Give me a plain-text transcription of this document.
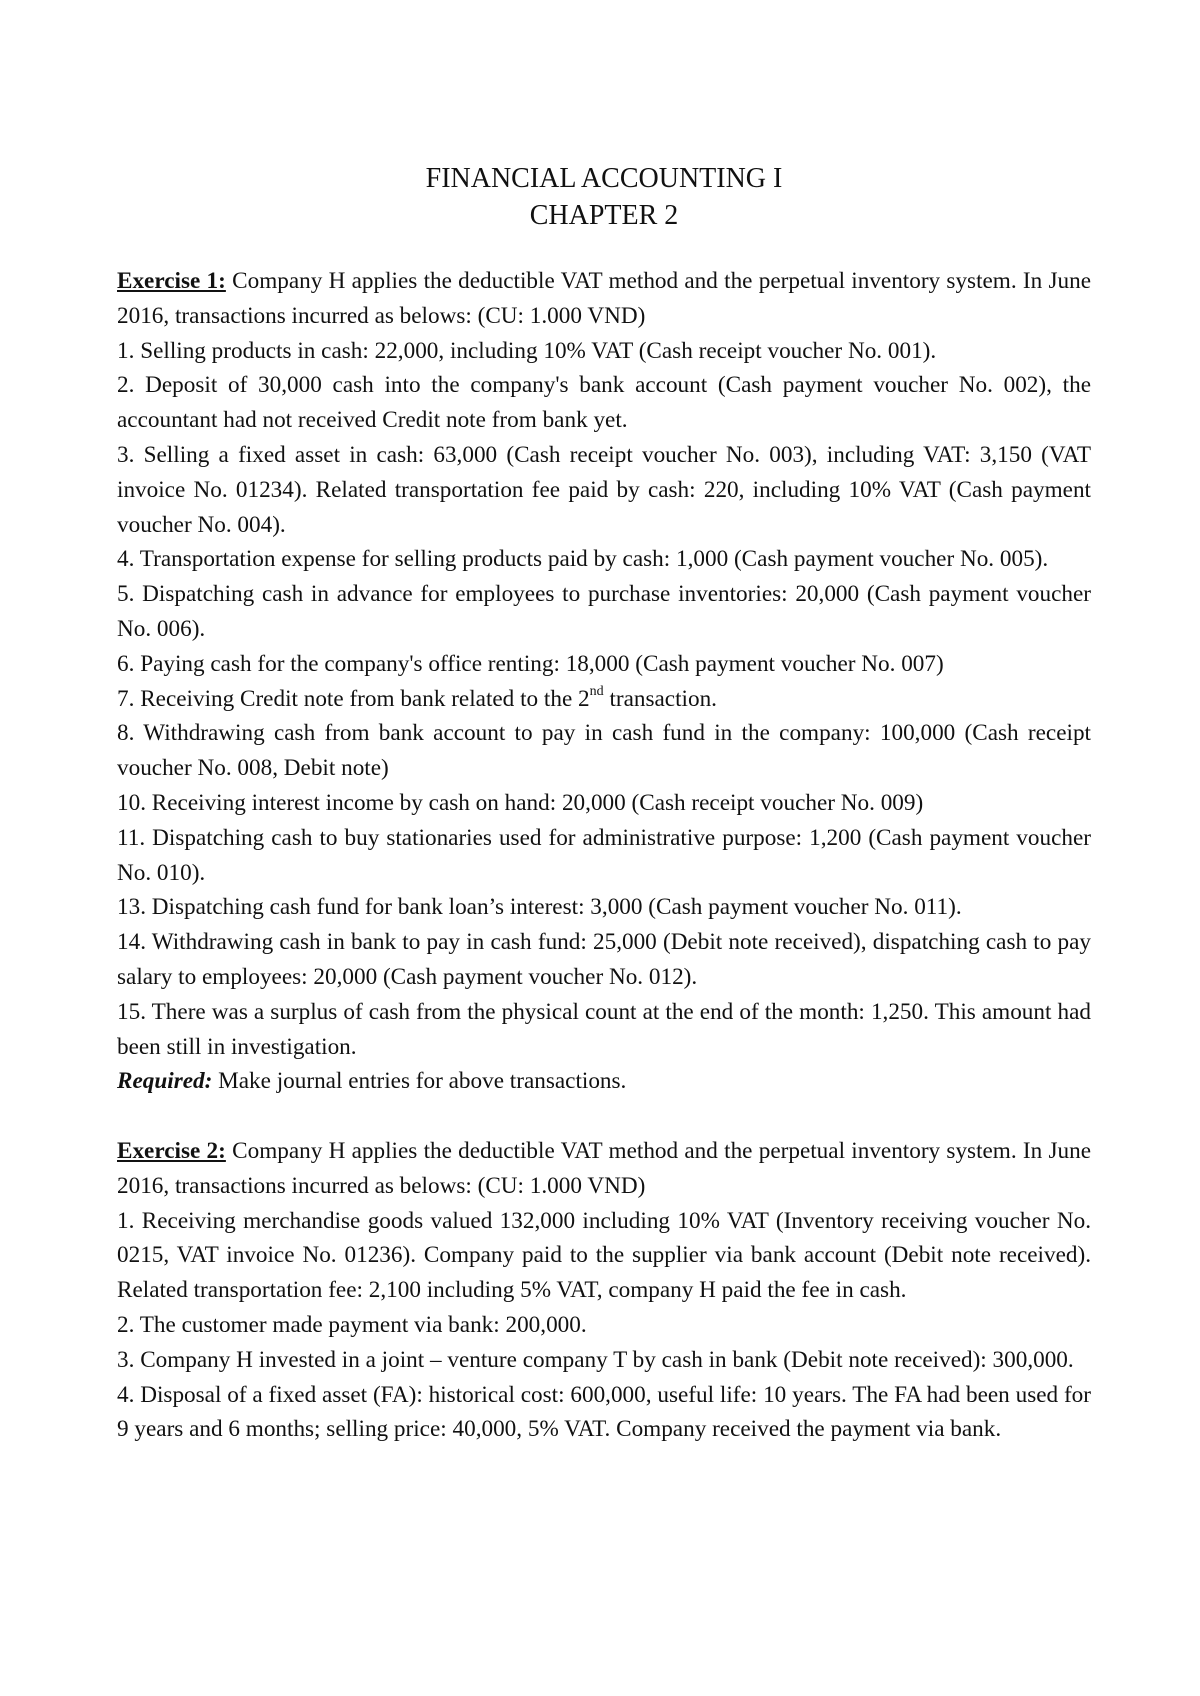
FINANCIAL ACCOUNTING I
CHAPTER 2

Exercise 1: Company H applies the deductible VAT method and the perpetual inventory system. In June 2016, transactions incurred as belows: (CU: 1.000 VND)

1. Selling products in cash: 22,000, including 10% VAT (Cash receipt voucher No. 001).

2. Deposit of 30,000 cash into the company's bank account (Cash payment voucher No. 002), the accountant had not received Credit note from bank yet.

3. Selling a fixed asset in cash: 63,000 (Cash receipt voucher No. 003), including VAT: 3,150 (VAT invoice No. 01234). Related transportation fee paid by cash: 220, including 10% VAT (Cash payment voucher No. 004).

4. Transportation expense for selling products paid by cash: 1,000 (Cash payment voucher No. 005).

5. Dispatching cash in advance for employees to purchase inventories: 20,000 (Cash payment voucher No. 006).

6. Paying cash for the company's office renting: 18,000 (Cash payment voucher No. 007)

7. Receiving Credit note from bank related to the 2nd transaction.

8. Withdrawing cash from bank account to pay in cash fund in the company: 100,000 (Cash receipt voucher No. 008, Debit note)

10. Receiving interest income by cash on hand: 20,000 (Cash receipt voucher No. 009)

11. Dispatching cash to buy stationaries used for administrative purpose: 1,200 (Cash payment voucher No. 010).

13. Dispatching cash fund for bank loan’s interest: 3,000 (Cash payment voucher No. 011).

14. Withdrawing cash in bank to pay in cash fund: 25,000 (Debit note received), dispatching cash to pay salary to employees: 20,000 (Cash payment voucher No. 012).

15. There was a surplus of cash from the physical count at the end of the month: 1,250. This amount had been still in investigation.

Required: Make journal entries for above transactions.

Exercise 2: Company H applies the deductible VAT method and the perpetual inventory system. In June 2016, transactions incurred as belows: (CU: 1.000 VND)

1. Receiving merchandise goods valued 132,000 including 10% VAT (Inventory receiving voucher No. 0215, VAT invoice No. 01236). Company paid to the supplier via bank account (Debit note received). Related transportation fee: 2,100 including 5% VAT, company H paid the fee in cash.

2. The customer made payment via bank: 200,000.

3. Company H invested in a joint – venture company T by cash in bank (Debit note received): 300,000.

4. Disposal of a fixed asset (FA): historical cost: 600,000, useful life: 10 years. The FA had been used for 9 years and 6 months; selling price: 40,000, 5% VAT. Company received the payment via bank.
